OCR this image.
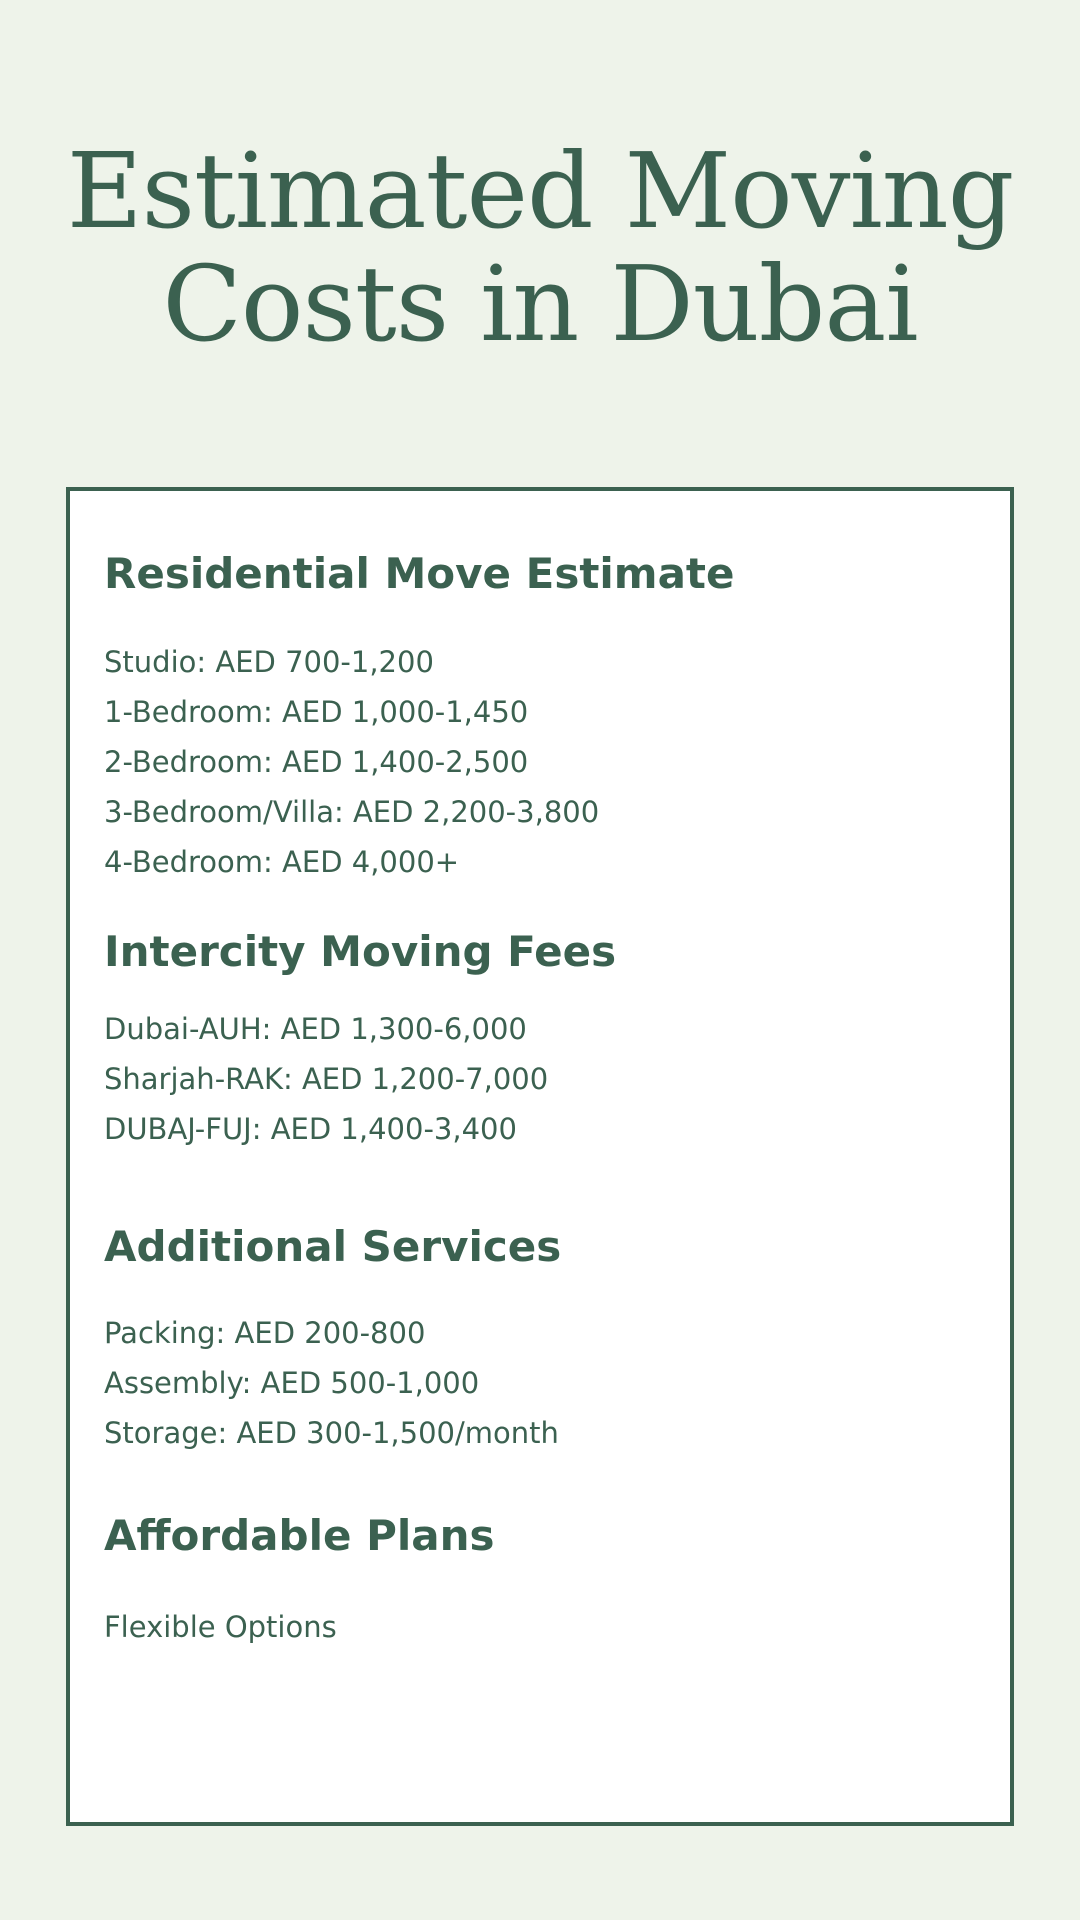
Estimated Moving
Costs in Dubai
Residential Move Estimate
Studio: AED 700-1,200
1-Bedroom: AED 1,000-1,450
2-Bedroom: AED 1,400-2,500
3-Bedroom/Villa: AED 2,200-3,800
4-Bedroom: AED 4,000+
Intercity Moving Fees
Dubai-AUH: AED 1,300-6,000
Sharjah-RAK: AED 1,200-7,000
DUBAJ-FUJ: AED 1,400-3,400
Additional Services
Packing: AED 200-800
Assembly: AED 500-1,000
Storage: AED 300-1,500/month
Affordable Plans
Flexible Options
